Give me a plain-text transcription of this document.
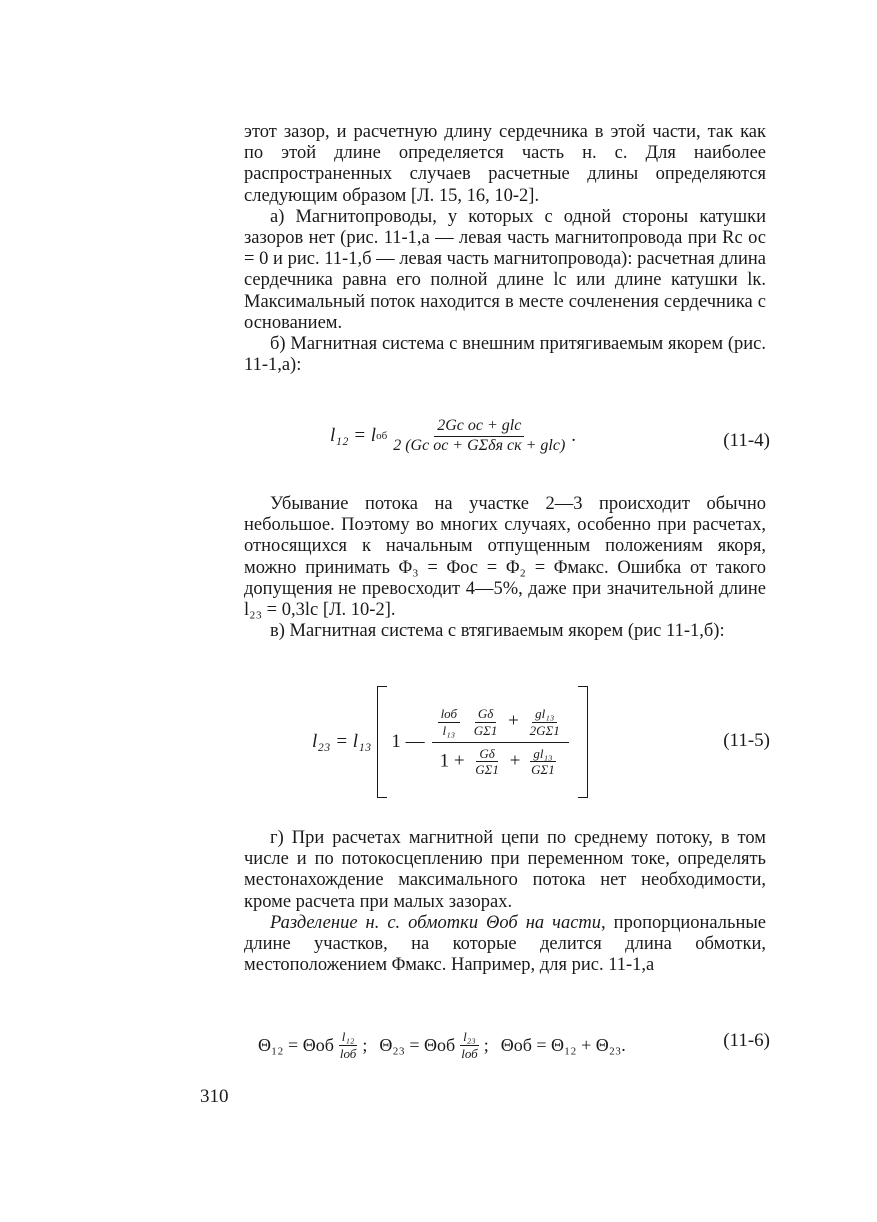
этот зазор, и расчетную длину сердечника в этой части, так как по этой длине определяется часть н. с. Для наиболее распространенных случаев расчетные длины определяются следующим образом [Л. 15, 16, 10-2].

а) Магнитопроводы, у которых с одной стороны катушки зазоров нет (рис. 11-1,а — левая часть магнитопровода при Rс ос = 0 и рис. 11-1,б — левая часть магнитопровода): расчетная длина сердечника равна его полной длине lс или длине катушки lк. Максимальный поток находится в месте сочленения сердечника с основанием.

б) Магнитная система с внешним притягиваемым якорем (рис. 11-1,а):

l₁₂ = l об $\frac{\text{2Gс ос + glс}}{\text{2 (Gс ос + GΣδя ск + glс)}}$ .	(11-4)

Убывание потока на участке 2—3 происходит обычно небольшое. Поэтому во многих случаях, особенно при расчетах, относящихся к начальным отпущенным положениям якоря, можно принимать Φ₃ = Φос = Φ₂ = Φмакс. Ошибка от такого допущения не превосходит 4—5%, даже при значительной длине l₂₃ = 0,3lс [Л. 10-2].

в) Магнитная система с втягиваемым якорем (рис 11-1,б):

l₂₃ = l₁₃ 1 — $\frac{\text{lоб}}{\text{l₁₃}}$
$\frac{G\delta}{G\Sigma 1} + \frac{\text{gl₁₃}}{2G\Sigma 1}$
$1 + \frac{G\delta}{G\Sigma 1} + \frac{\text{gl₁₃}}{G\Sigma 1}$	(11-5)

г) При расчетах магнитной цепи по среднему потоку, в том числе и по потокосцеплению при переменном токе, определять местонахождение максимального потока нет необходимости, кроме расчета при малых зазорах.

Разделение н. с. обмотки Θоб на части, пропорциональные длине участков, на которые делится длина обмотки, местоположением Φмакс. Например, для рис. 11-1,а

Θ₁₂ = Θоб $\frac{\text{l₁₂}}{\text{lоб}}$ ; Θ₂₃ = Θоб $\frac{\text{l₂₃}}{\text{lоб}}$ ; Θоб = Θ₁₂ + Θ₂₃.	(11-6)
310
